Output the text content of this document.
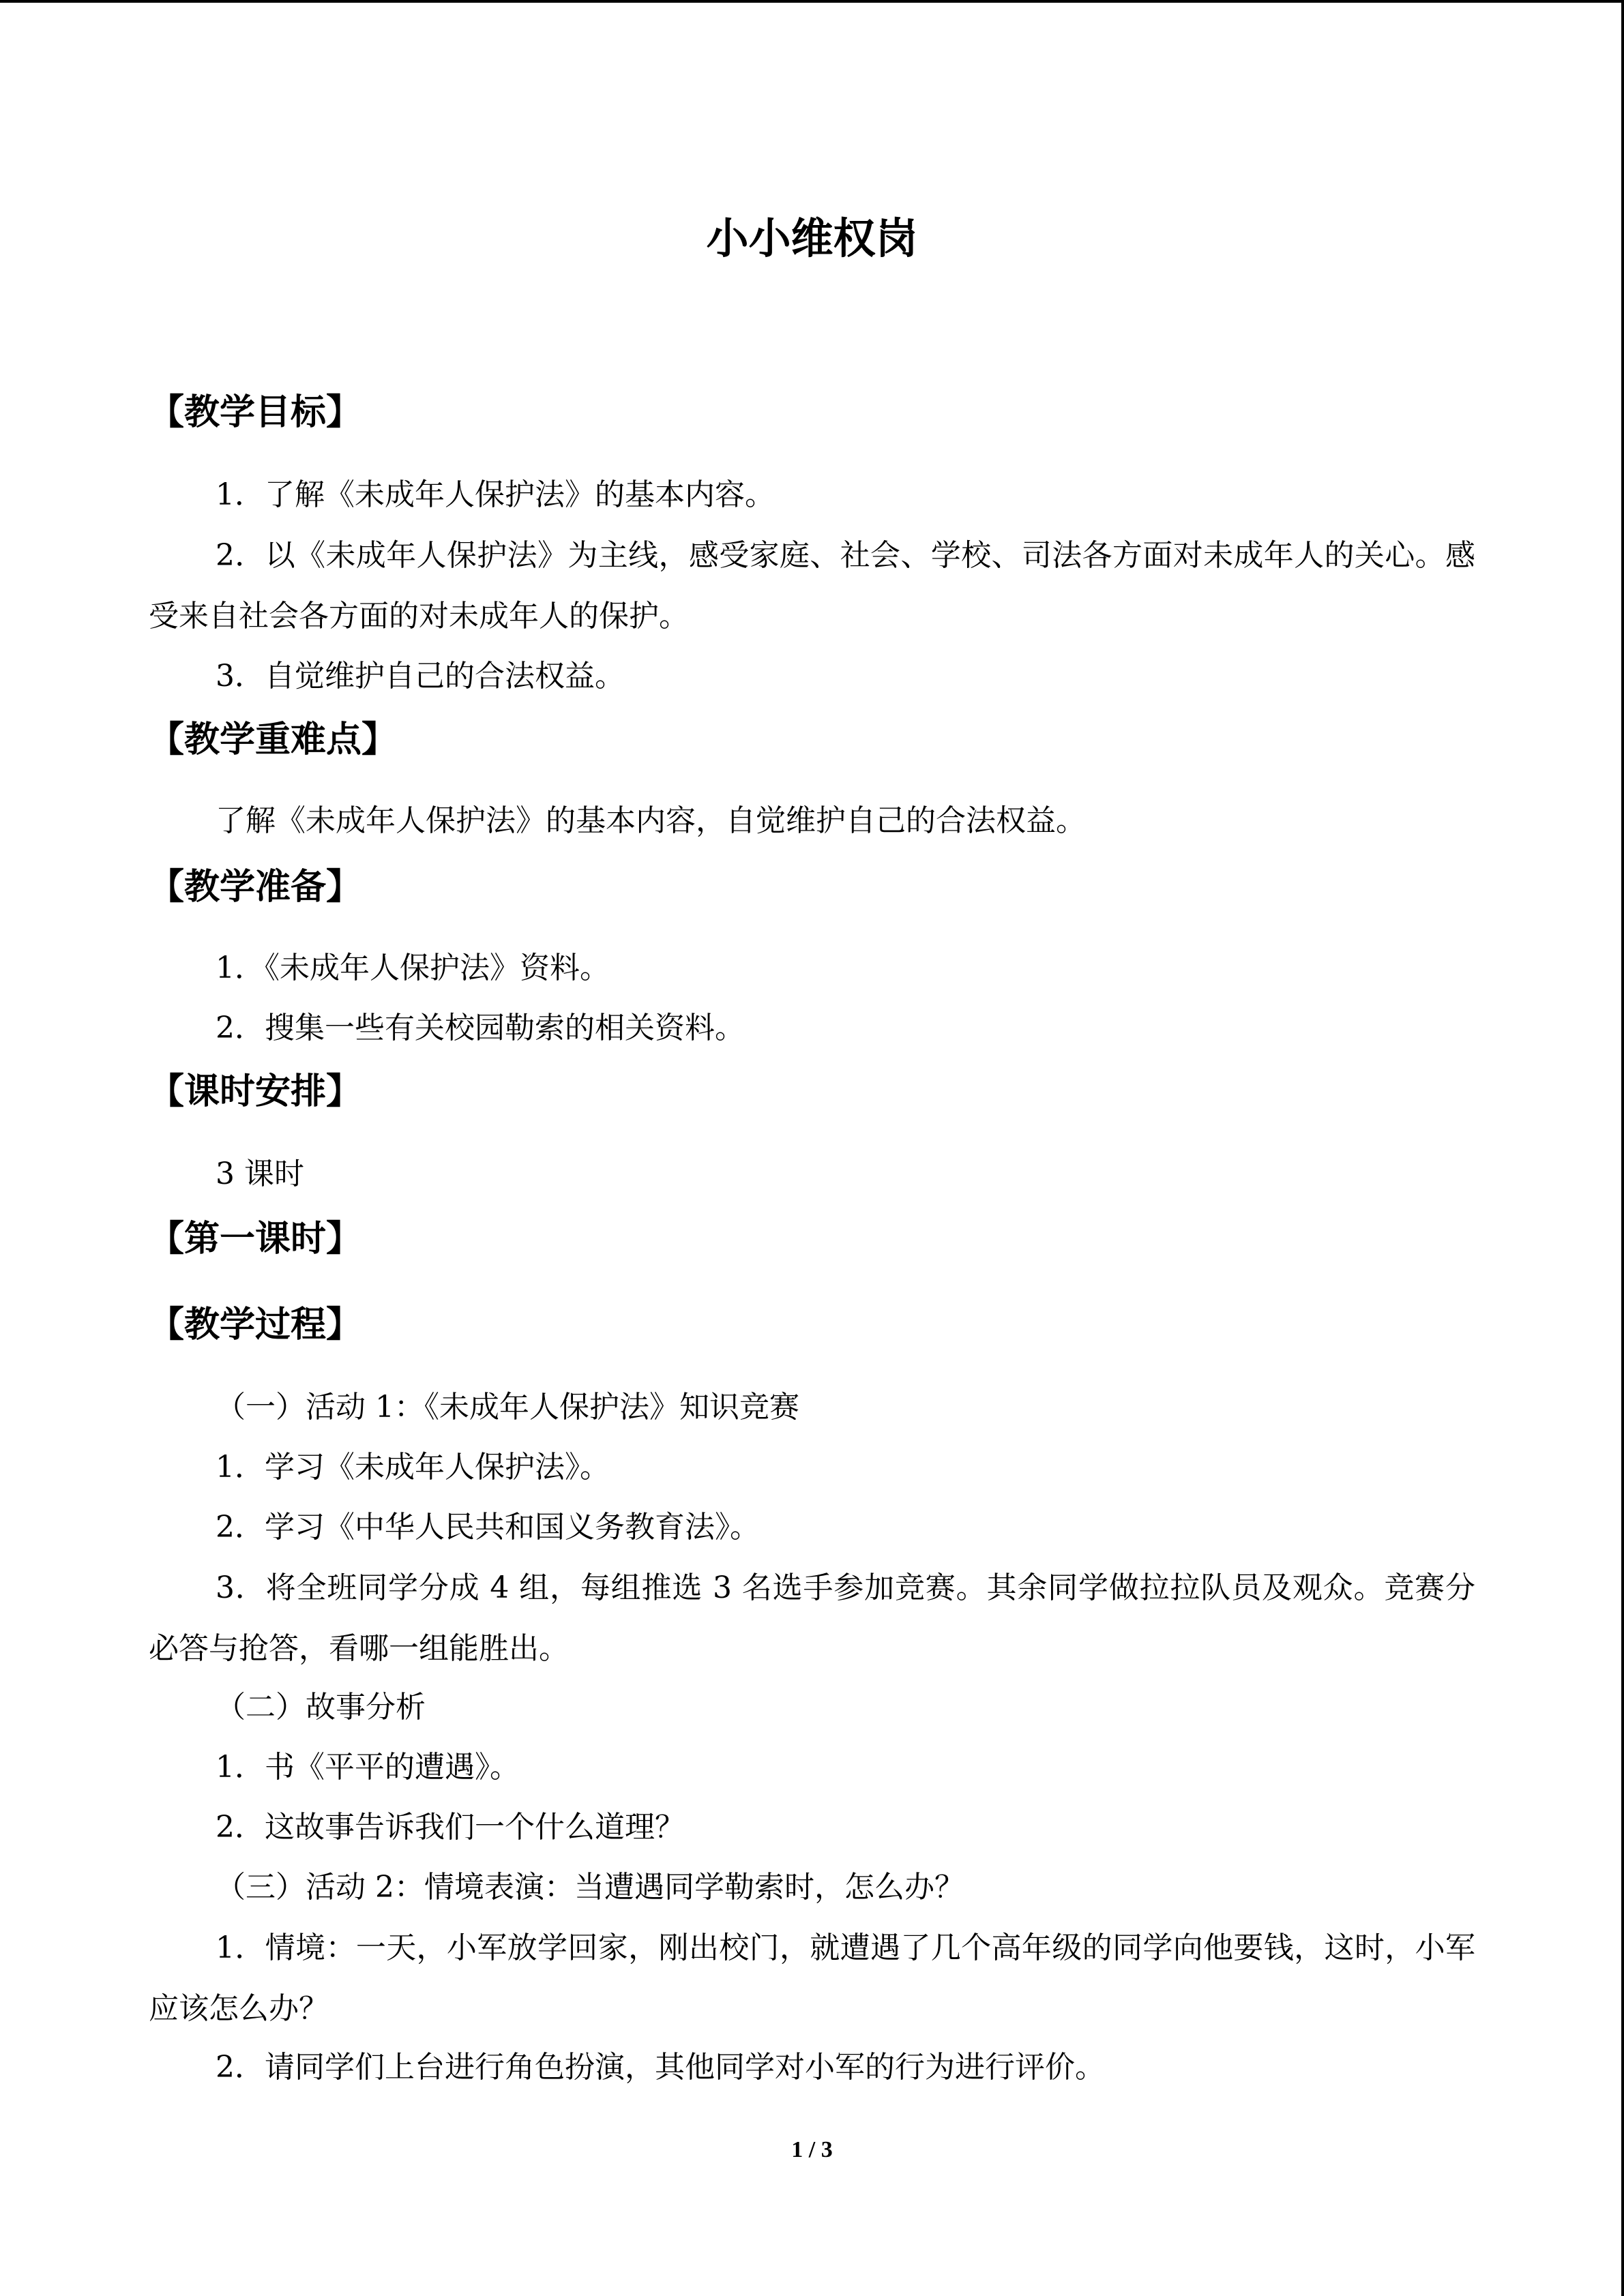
小小维权岗
【教学目标】
1．了解《未成年人保护法》的基本内容。
2．以《未成年人保护法》为主线，感受家庭、社会、学校、司法各方面对未成年人的关心。感受来自社会各方面的对未成年人的保护。
3．自觉维护自己的合法权益。
【教学重难点】
了解《未成年人保护法》的基本内容，自觉维护自己的合法权益。
【教学准备】
1．《未成年人保护法》资料。
2．搜集一些有关校园勒索的相关资料。
【课时安排】
3 课时
【第一课时】
【教学过程】
（一）活动 1：《未成年人保护法》知识竞赛
1．学习《未成年人保护法》。
2．学习《中华人民共和国义务教育法》。
3．将全班同学分成 4 组，每组推选 3 名选手参加竞赛。其余同学做拉拉队员及观众。竞赛分必答与抢答，看哪一组能胜出。
（二）故事分析
1．书《平平的遭遇》。
2．这故事告诉我们一个什么道理？
（三）活动 2：情境表演：当遭遇同学勒索时，怎么办？
1．情境：一天，小军放学回家，刚出校门，就遭遇了几个高年级的同学向他要钱，这时，小军应该怎么办？
2．请同学们上台进行角色扮演，其他同学对小军的行为进行评价。
1 / 3
